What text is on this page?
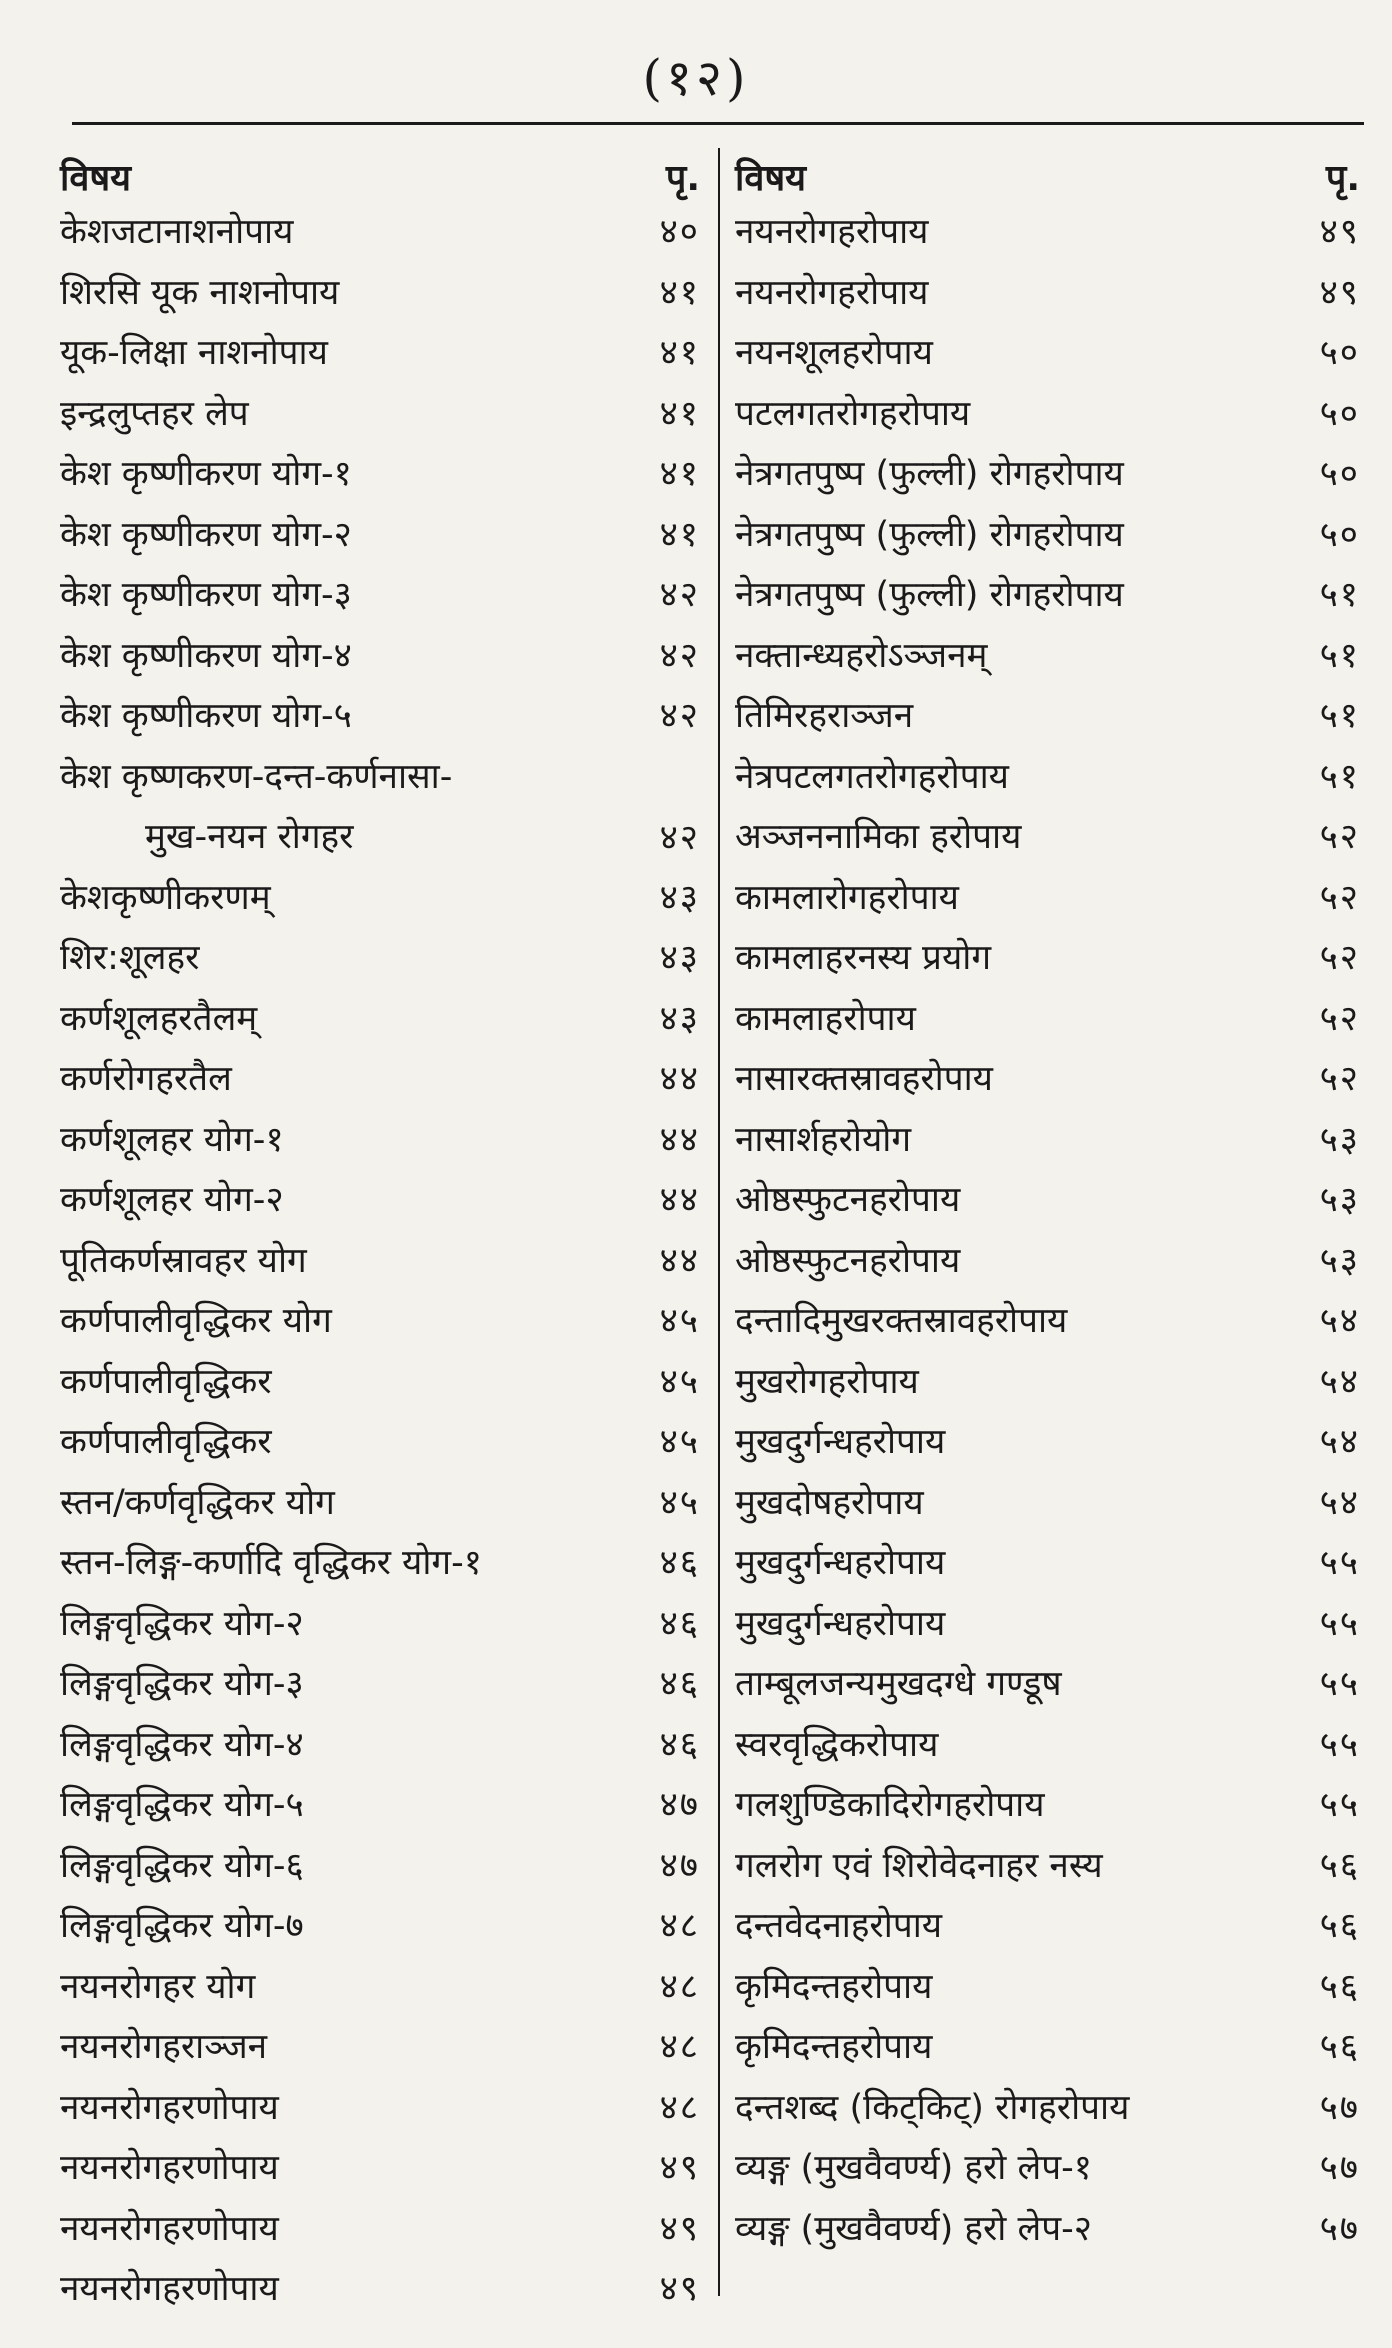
(१२)
विषय	पृ.
केशजटानाशनोपाय	४०
शिरसि यूक नाशनोपाय	४१
यूक-लिक्षा नाशनोपाय	४१
इन्द्रलुप्तहर लेप	४१
केश कृष्णीकरण योग-१	४१
केश कृष्णीकरण योग-२	४१
केश कृष्णीकरण योग-३	४२
केश कृष्णीकरण योग-४	४२
केश कृष्णीकरण योग-५	४२
केश कृष्णकरण-दन्त-कर्णनासा-
मुख-नयन रोगहर	४२
केशकृष्णीकरणम्	४३
शिर:शूलहर	४३
कर्णशूलहरतैलम्	४३
कर्णरोगहरतैल	४४
कर्णशूलहर योग-१	४४
कर्णशूलहर योग-२	४४
पूतिकर्णस्रावहर योग	४४
कर्णपालीवृद्धिकर योग	४५
कर्णपालीवृद्धिकर	४५
कर्णपालीवृद्धिकर	४५
स्तन/कर्णवृद्धिकर योग	४५
स्तन-लिङ्ग-कर्णादि वृद्धिकर योग-१	४६
लिङ्गवृद्धिकर योग-२	४६
लिङ्गवृद्धिकर योग-३	४६
लिङ्गवृद्धिकर योग-४	४६
लिङ्गवृद्धिकर योग-५	४७
लिङ्गवृद्धिकर योग-६	४७
लिङ्गवृद्धिकर योग-७	४८
नयनरोगहर योग	४८
नयनरोगहराञ्जन	४८
नयनरोगहरणोपाय	४८
नयनरोगहरणोपाय	४९
नयनरोगहरणोपाय	४९
नयनरोगहरणोपाय	४९
विषय	पृ.
नयनरोगहरोपाय	४९
नयनरोगहरोपाय	४९
नयनशूलहरोपाय	५०
पटलगतरोगहरोपाय	५०
नेत्रगतपुष्प (फुल्ली) रोगहरोपाय	५०
नेत्रगतपुष्प (फुल्ली) रोगहरोपाय	५०
नेत्रगतपुष्प (फुल्ली) रोगहरोपाय	५१
नक्तान्ध्यहरोऽञ्जनम्	५१
तिमिरहराञ्जन	५१
नेत्रपटलगतरोगहरोपाय	५१
अञ्जननामिका हरोपाय	५२
कामलारोगहरोपाय	५२
कामलाहरनस्य प्रयोग	५२
कामलाहरोपाय	५२
नासारक्तस्रावहरोपाय	५२
नासार्शहरोयोग	५३
ओष्ठस्फुटनहरोपाय	५३
ओष्ठस्फुटनहरोपाय	५३
दन्तादिमुखरक्तस्रावहरोपाय	५४
मुखरोगहरोपाय	५४
मुखदुर्गन्धहरोपाय	५४
मुखदोषहरोपाय	५४
मुखदुर्गन्धहरोपाय	५५
मुखदुर्गन्धहरोपाय	५५
ताम्बूलजन्यमुखदग्धे गण्डूष	५५
स्वरवृद्धिकरोपाय	५५
गलशुण्डिकादिरोगहरोपाय	५५
गलरोग एवं शिरोवेदनाहर नस्य	५६
दन्तवेदनाहरोपाय	५६
कृमिदन्तहरोपाय	५६
कृमिदन्तहरोपाय	५६
दन्तशब्द (किट्किट्) रोगहरोपाय	५७
व्यङ्ग (मुखवैवर्ण्य) हरो लेप-१	५७
व्यङ्ग (मुखवैवर्ण्य) हरो लेप-२	५७
